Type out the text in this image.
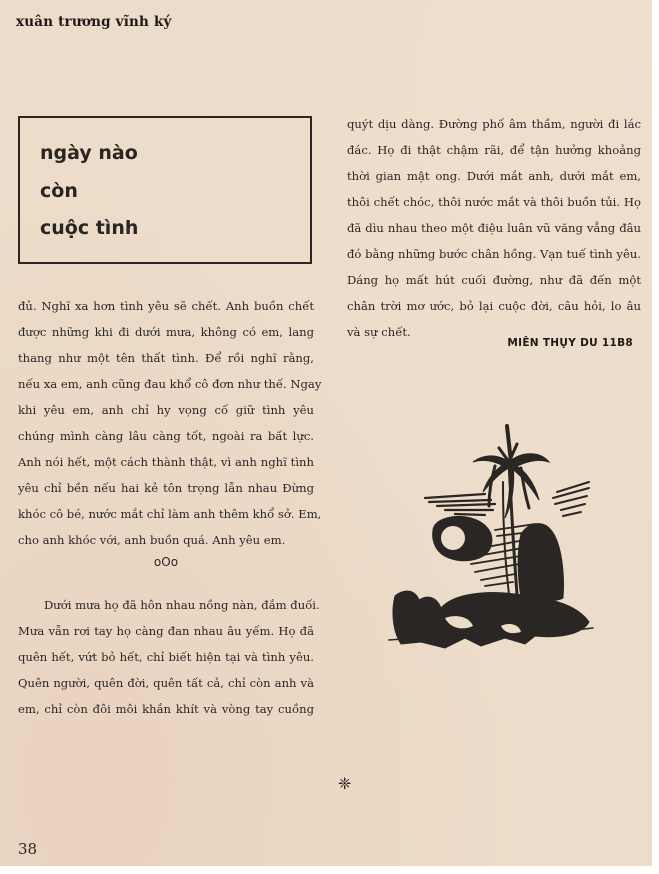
xuân trương vĩnh ký
ngày nào
còn
cuộc tình
đủ. Nghĩ xa hơn tình yêu sẽ chết. Anh buồn chết
được những khi đi dưới mưa, không có em, lang
thang như một tên thất tình. Để rồi nghĩ rằng,
nếu xa em, anh cũng đau khổ cô đơn như thế. Ngay
khi yêu em, anh chỉ hy vọng cố giữ tình yêu
chúng mình càng lâu càng tốt, ngoài ra bất lực.
Anh nói hết, một cách thành thật, vì anh nghĩ tình
yêu chỉ bền nếu hai kẻ tôn trọng lẫn nhau Đừng
khóc cô bé, nước mắt chỉ làm anh thêm khổ sở. Em,
cho anh khóc với, anh buồn quá. Anh yêu em.
oOo
Dưới mưa họ đã hôn nhau nồng nàn, đắm đuối.
Mưa vẫn rơi tay họ càng đan nhau âu yếm. Họ đã
quên hết, vứt bỏ hết, chỉ biết hiện tại và tình yêu.
Quên người, quên đời, quên tất cả, chỉ còn anh và
em, chỉ còn đôi môi khắn khít và vòng tay cuồng
quýt dịu dàng. Đường phố âm thầm, người đi lác
đác. Họ đi thật chậm rãi, để tận hưởng khoảng
thời gian mật ong. Dưới mắt anh, dưới mắt em,
thôi chết chóc, thôi nước mắt và thôi buồn tủi. Họ
đã dìu nhau theo một điệu luân vũ văng vẳng đâu
đó bằng những bước chân hồng. Vạn tuế tình yêu.
Dáng họ mất hút cuối đường, như đã đến một
chân trời mơ ước, bỏ lại cuộc đời, câu hỏi, lo âu
và sự chết.
MIÊN THỤY DU 11B8
❈
38
